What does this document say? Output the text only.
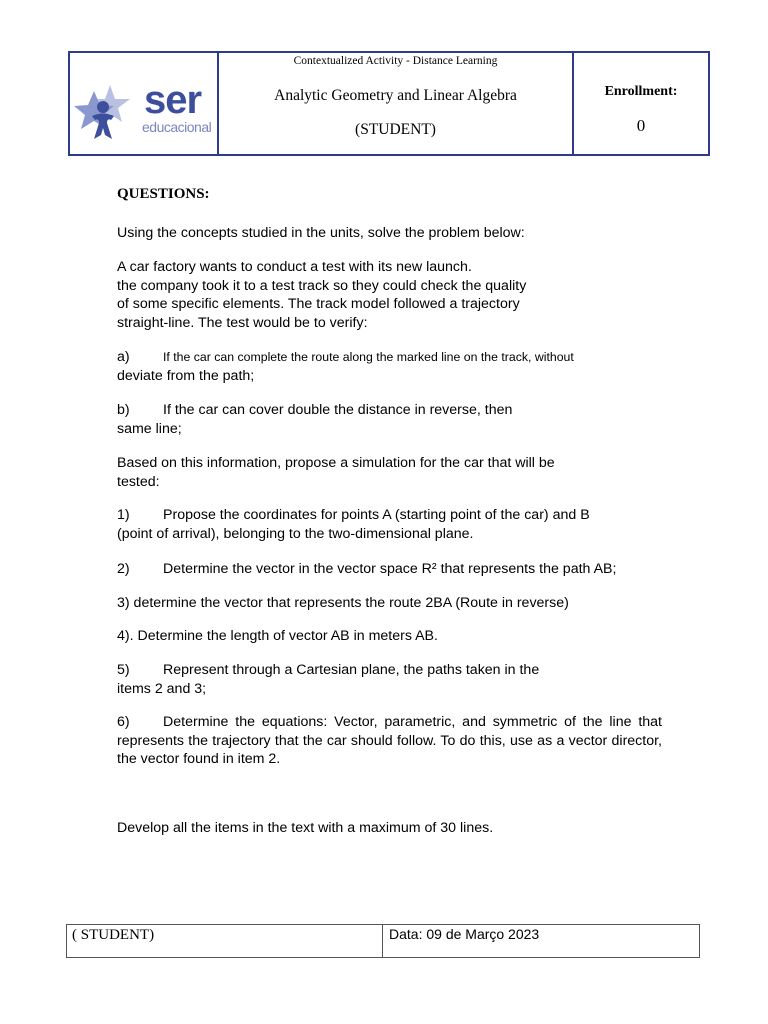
ser
educacional
Contextualized Activity - Distance Learning
Analytic Geometry and Linear Algebra
(STUDENT)
Enrollment:
0
QUESTIONS:

Using the concepts studied in the units, solve the problem below:

A car factory wants to conduct a test with its new launch.
the company took it to a test track so they could check the quality
of some specific elements. The track model followed a trajectory
straight-line. The test would be to verify:

a)	If the car can complete the route along the marked line on the track, without
deviate from the path;

b) If the car can cover double the distance in reverse, then
same line;

Based on this information, propose a simulation for the car that will be
tested:

1) Propose the coordinates for points A (starting point of the car) and B
(point of arrival), belonging to the two-dimensional plane.

2) Determine the vector in the vector space R² that represents the path AB;

3) determine the vector that represents the route 2BA (Route in reverse)

4). Determine the length of vector AB in meters AB.

5) Represent through a Cartesian plane, the paths taken in the
items 2 and 3;

6) Determine the equations: Vector, parametric, and symmetric of the line that represents the trajectory that the car should follow. To do this, use as a vector director, the vector found in item 2.

Develop all the items in the text with a maximum of 30 lines.

( STUDENT)	Data: 09 de Março 2023
